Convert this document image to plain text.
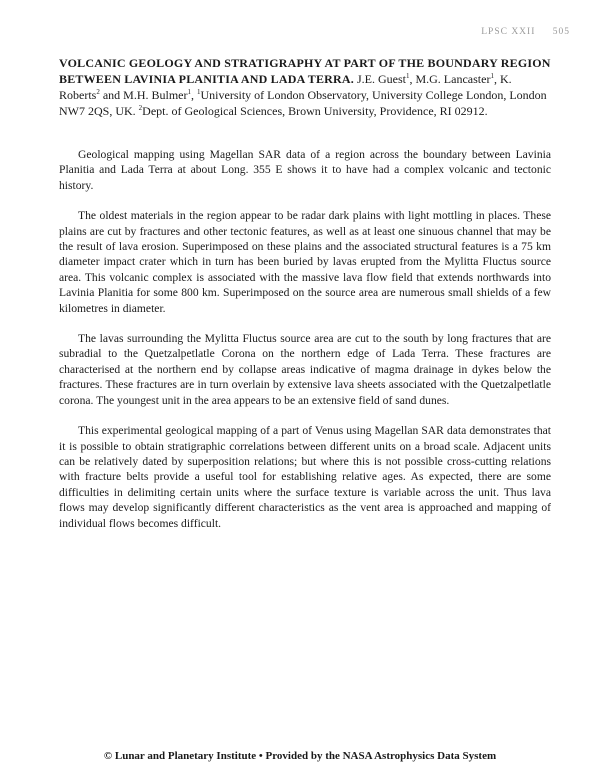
LPSC XXII 505
VOLCANIC GEOLOGY AND STRATIGRAPHY AT PART OF THE BOUNDARY REGION BETWEEN LAVINIA PLANITIA AND LADA TERRA. J.E. Guest$^1$, M.G. Lancaster$^1$, K. Roberts$^2$ and M.H. Bulmer$^1$, $^1$University of London Observatory, University College London, London NW7 2QS, UK. $^2$Dept. of Geological Sciences, Brown University, Providence, RI 02912.

Geological mapping using Magellan SAR data of a region across the boundary between Lavinia Planitia and Lada Terra at about Long. 355 E shows it to have had a complex volcanic and tectonic history.

The oldest materials in the region appear to be radar dark plains with light mottling in places. These plains are cut by fractures and other tectonic features, as well as at least one sinuous channel that may be the result of lava erosion. Superimposed on these plains and the associated structural features is a 75 km diameter impact crater which in turn has been buried by lavas erupted from the Mylitta Fluctus source area. This volcanic complex is associated with the massive lava flow field that extends northwards into Lavinia Planitia for some 800 km. Superimposed on the source area are numerous small shields of a few kilometres in diameter.

The lavas surrounding the Mylitta Fluctus source area are cut to the south by long fractures that are subradial to the Quetzalpetlatle Corona on the northern edge of Lada Terra. These fractures are characterised at the northern end by collapse areas indicative of magma drainage in dykes below the fractures. These fractures are in turn overlain by extensive lava sheets associated with the Quetzalpetlatle corona. The youngest unit in the area appears to be an extensive field of sand dunes.

This experimental geological mapping of a part of Venus using Magellan SAR data demonstrates that it is possible to obtain stratigraphic correlations between different units on a broad scale. Adjacent units can be relatively dated by superposition relations; but where this is not possible cross-cutting relations with fracture belts provide a useful tool for establishing relative ages. As expected, there are some difficulties in delimiting certain units where the surface texture is variable across the unit. Thus lava flows may develop significantly different characteristics as the vent area is approached and mapping of individual flows becomes difficult.

© Lunar and Planetary Institute • Provided by the NASA Astrophysics Data System
